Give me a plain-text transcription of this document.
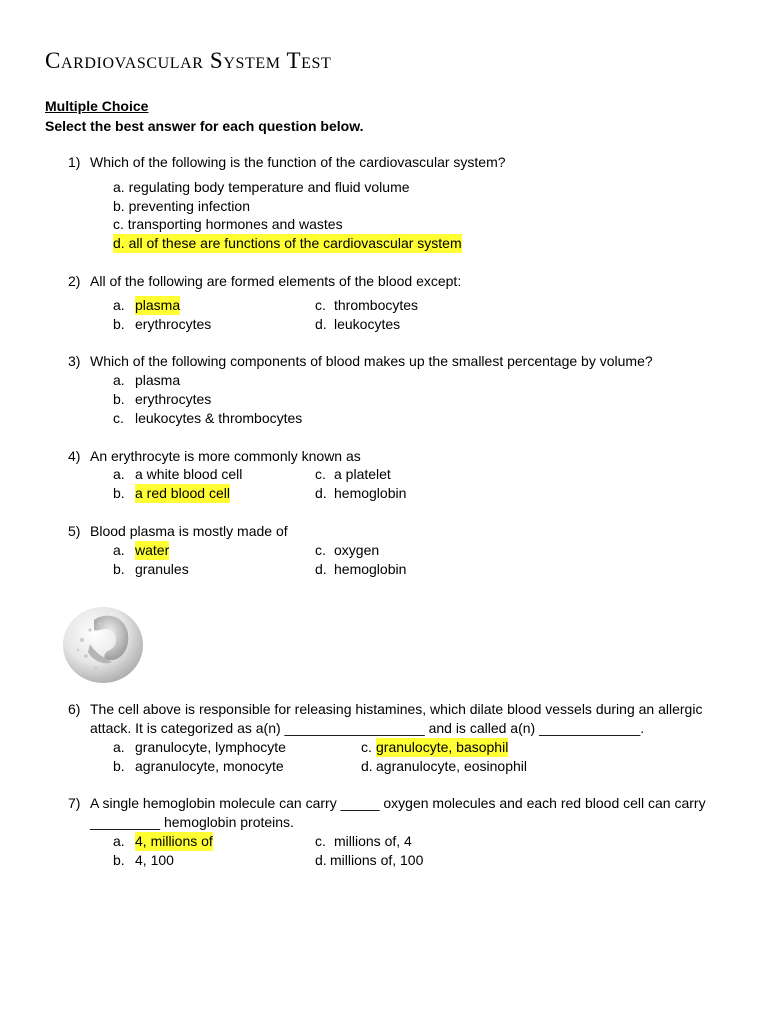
Cardiovascular System Test
Multiple Choice
Select the best answer for each question below.
1) Which of the following is the function of the cardiovascular system?
a. regulating body temperature and fluid volume
b. preventing infection
c. transporting hormones and wastes
d. all of these are functions of the cardiovascular system
2) All of the following are formed elements of the blood except:
a. plasma
b. erythrocytes
c. thrombocytes
d. leukocytes
3) Which of the following components of blood makes up the smallest percentage by volume?
a. plasma
b. erythrocytes
c. leukocytes & thrombocytes
4) An erythrocyte is more commonly known as
a. a white blood cell
b. a red blood cell
c. a platelet
d. hemoglobin
5) Blood plasma is mostly made of
a. water
b. granules
c. oxygen
d. hemoglobin
6) The cell above is responsible for releasing histamines, which dilate blood vessels during an allergic
attack. It is categorized as a(n) __________________ and is called a(n) _____________.
a. granulocyte, lymphocyte
b. agranulocyte, monocyte
c. granulocyte, basophil
d. agranulocyte, eosinophil
7) A single hemoglobin molecule can carry _____ oxygen molecules and each red blood cell can carry
_________ hemoglobin proteins.
a. 4, millions of
b. 4, 100
c. millions of, 4
d. millions of, 100
